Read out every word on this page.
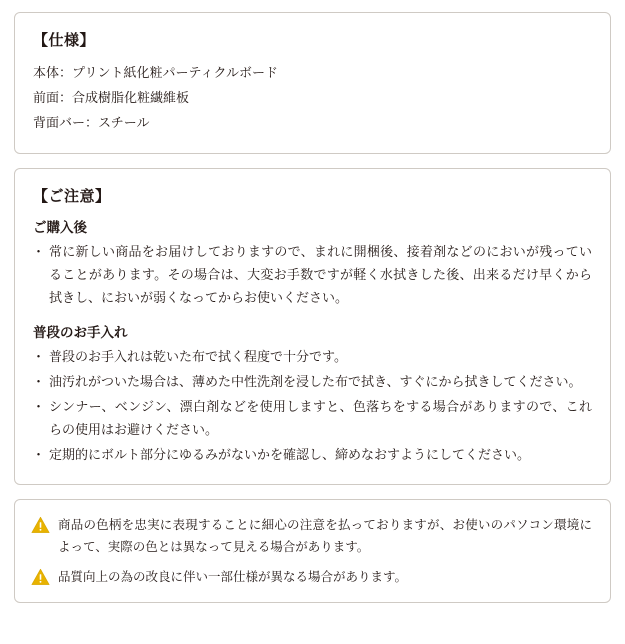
【仕様】
本体：プリント紙化粧パーティクルボード
前面：合成樹脂化粧繊維板
背面バー：スチール
【ご注意】
ご購入後
・ 常に新しい商品をお届けしておりますので、まれに開梱後、接着剤などのにおいが残っていることがあります。その場合は、大変お手数ですが軽く水拭きした後、出来るだけ早くから拭きし、においが弱くなってからお使いください。
普段のお手入れ
・ 普段のお手入れは乾いた布で拭く程度で十分です。
・ 油汚れがついた場合は、薄めた中性洗剤を浸した布で拭き、すぐにから拭きしてください。
・ シンナー、ベンジン、漂白剤などを使用しますと、色落ちをする場合がありますので、これらの使用はお避けください。
・ 定期的にボルト部分にゆるみがないかを確認し、締めなおすようにしてください。
商品の色柄を忠実に表現することに細心の注意を払っておりますが、お使いのパソコン環境によって、実際の色とは異なって見える場合があります。
品質向上の為の改良に伴い一部仕様が異なる場合があります。
